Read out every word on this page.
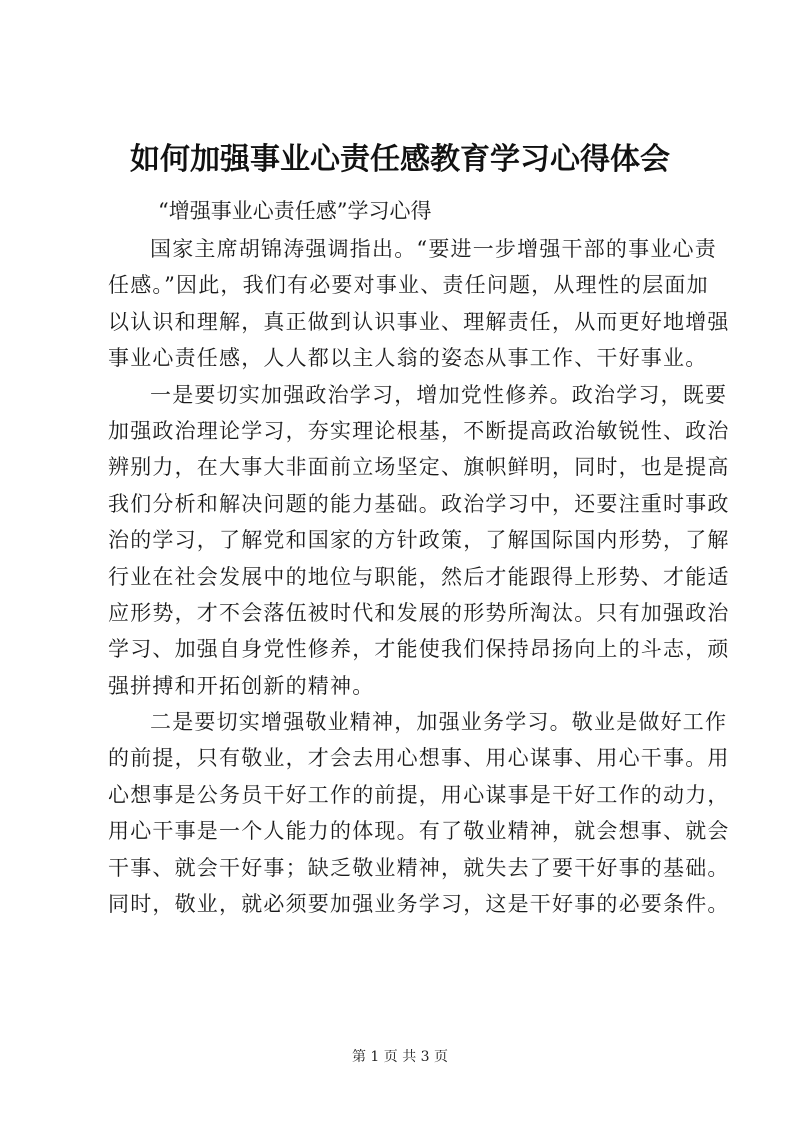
如何加强事业心责任感教育学习心得体会
“增强事业心责任感”学习心得

国家主席胡锦涛强调指出。“要进一步增强干部的事业心责
任感。”因此，我们有必要对事业、责任问题，从理性的层面加
以认识和理解，真正做到认识事业、理解责任，从而更好地增强
事业心责任感，人人都以主人翁的姿态从事工作、干好事业。

一是要切实加强政治学习，增加党性修养。政治学习，既要
加强政治理论学习，夯实理论根基，不断提高政治敏锐性、政治
辨别力，在大事大非面前立场坚定、旗帜鲜明，同时，也是提高
我们分析和解决问题的能力基础。政治学习中，还要注重时事政
治的学习，了解党和国家的方针政策，了解国际国内形势，了解
行业在社会发展中的地位与职能，然后才能跟得上形势、才能适
应形势，才不会落伍被时代和发展的形势所淘汰。只有加强政治
学习、加强自身党性修养，才能使我们保持昂扬向上的斗志，顽
强拼搏和开拓创新的精神。

二是要切实增强敬业精神，加强业务学习。敬业是做好工作
的前提，只有敬业，才会去用心想事、用心谋事、用心干事。用
心想事是公务员干好工作的前提，用心谋事是干好工作的动力，
用心干事是一个人能力的体现。有了敬业精神，就会想事、就会
干事、就会干好事；缺乏敬业精神，就失去了要干好事的基础。
同时，敬业，就必须要加强业务学习，这是干好事的必要条件。

第 1 页 共 3 页
